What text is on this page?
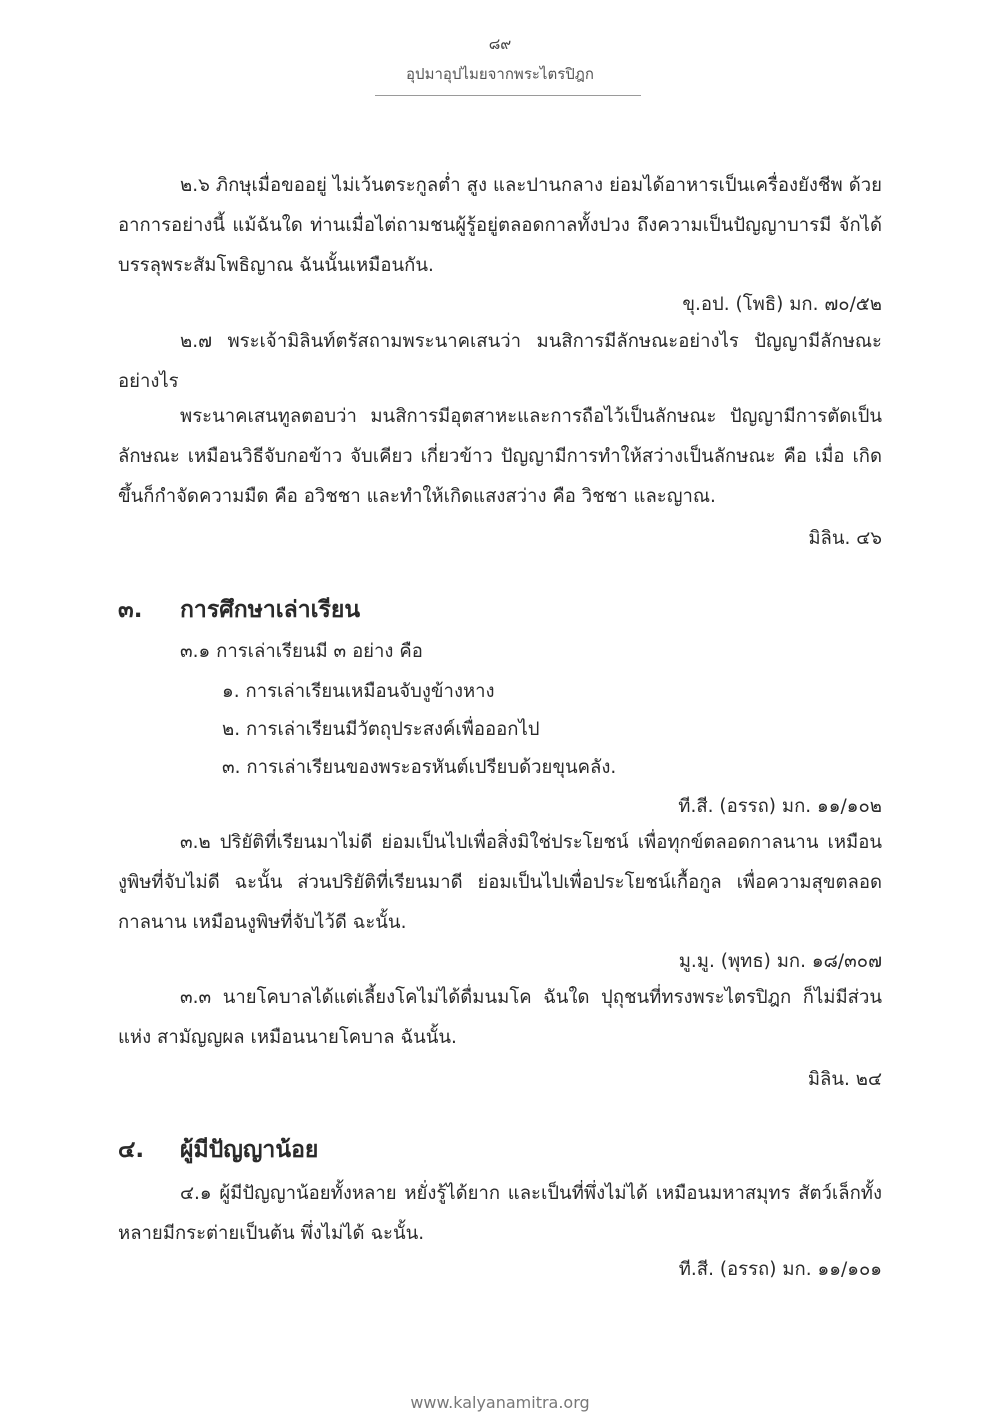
๘๙
อุปมาอุปไมยจากพระไตรปิฎก

๒.๖ ภิกษุเมื่อขออยู่ ไม่เว้นตระกูลต่ำ สูง และปานกลาง ย่อมได้อาหารเป็นเครื่องยังชีพ ด้วยอาการอย่างนี้ แม้ฉันใด ท่านเมื่อไต่ถามชนผู้รู้อยู่ตลอดกาลทั้งปวง ถึงความเป็นปัญญาบารมี จักได้บรรลุพระสัมโพธิญาณ ฉันนั้นเหมือนกัน.

ขุ.อป. (โพธิ) มก. ๗๐/๕๒

๒.๗ พระเจ้ามิลินท์ตรัสถามพระนาคเสนว่า มนสิการมีลักษณะอย่างไร ปัญญามีลักษณะ อย่างไร

พระนาคเสนทูลตอบว่า มนสิการมีอุตสาหะและการถือไว้เป็นลักษณะ ปัญญามีการตัดเป็น ลักษณะ เหมือนวิธีจับกอข้าว จับเคียว เกี่ยวข้าว ปัญญามีการทำให้สว่างเป็นลักษณะ คือ เมื่อ เกิดขึ้นก็กำจัดความมืด คือ อวิชชา และทำให้เกิดแสงสว่าง คือ วิชชา และญาณ.

มิลิน. ๔๖
๓. การศึกษาเล่าเรียน
๓.๑ การเล่าเรียนมี ๓ อย่าง คือ
๑. การเล่าเรียนเหมือนจับงูข้างหาง
๒. การเล่าเรียนมีวัตถุประสงค์เพื่อออกไป
๓. การเล่าเรียนของพระอรหันต์เปรียบด้วยขุนคลัง.
ที.สี. (อรรถ) มก. ๑๑/๑๐๒

๓.๒ ปริยัติที่เรียนมาไม่ดี ย่อมเป็นไปเพื่อสิ่งมิใช่ประโยชน์ เพื่อทุกข์ตลอดกาลนาน เหมือน งูพิษที่จับไม่ดี ฉะนั้น ส่วนปริยัติที่เรียนมาดี ย่อมเป็นไปเพื่อประโยชน์เกื้อกูล เพื่อความสุขตลอด กาลนาน เหมือนงูพิษที่จับไว้ดี ฉะนั้น.

มู.มู. (พุทธ) มก. ๑๘/๓๐๗

๓.๓ นายโคบาลได้แต่เลี้ยงโคไม่ได้ดื่มนมโค ฉันใด ปุถุชนที่ทรงพระไตรปิฎก ก็ไม่มีส่วนแห่ง สามัญญผล เหมือนนายโคบาล ฉันนั้น.

มิลิน. ๒๔
๔. ผู้มีปัญญาน้อย

๔.๑ ผู้มีปัญญาน้อยทั้งหลาย หยั่งรู้ได้ยาก และเป็นที่พึ่งไม่ได้ เหมือนมหาสมุทร สัตว์เล็กทั้ง หลายมีกระต่ายเป็นต้น พึ่งไม่ได้ ฉะนั้น.

ที.สี. (อรรถ) มก. ๑๑/๑๐๑
www.kalyanamitra.org
